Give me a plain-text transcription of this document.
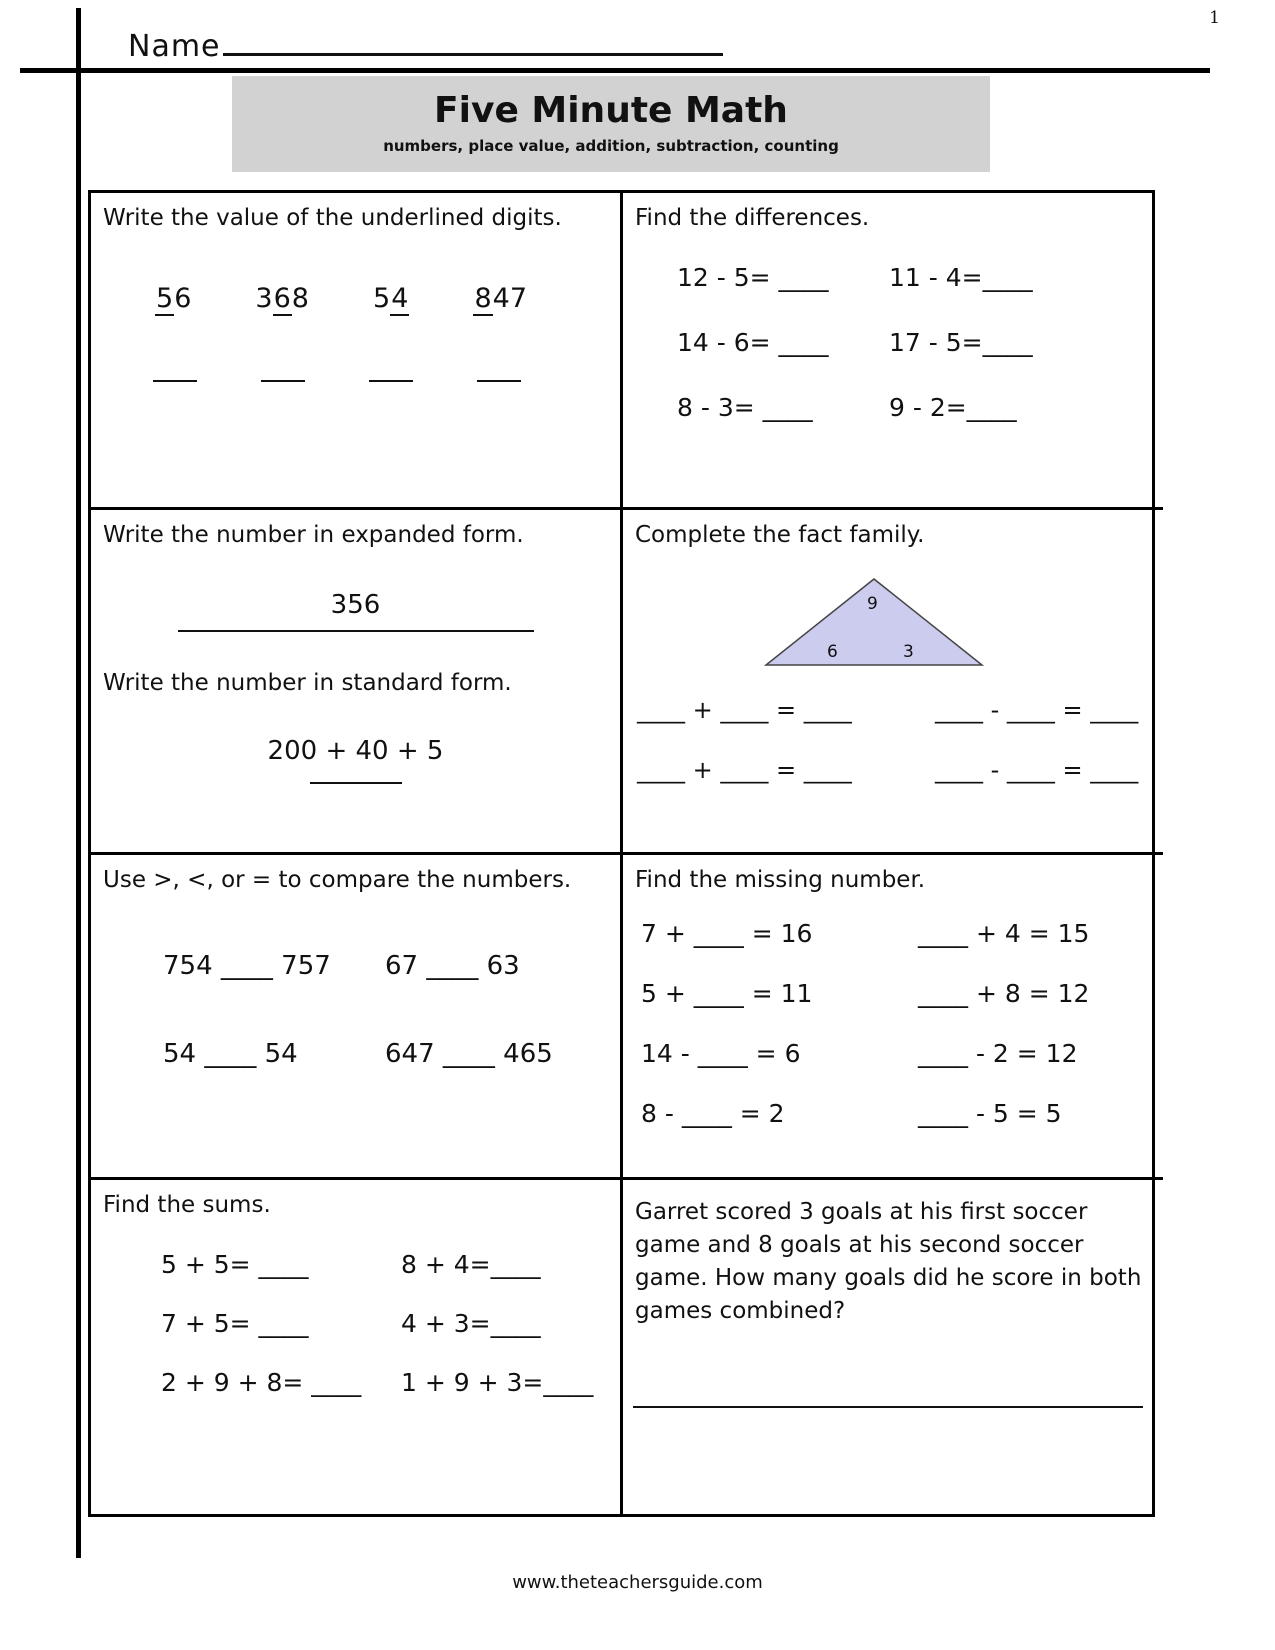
Name
1
Five Minute Math
numbers, place value, addition, subtraction, counting
Write the value of the underlined digits.
56 368 54 847
Find the differences.
12 - 5= ____	11 - 4=____
14 - 6= ____	17 - 5=____
8 - 3= ____	9 - 2=____
Write the number in expanded form.
356
Write the number in standard form.
200 + 40 + 5
Complete the fact family.
9
6	3
____ + ____ = ____	____ - ____ = ____
____ + ____ = ____	____ - ____ = ____
Use >, <, or = to compare the numbers.
754 ____ 757	67 ____ 63
54 ____ 54	647 ____ 465
Find the missing number.
7 + ____ = 16	____ + 4 = 15
5 + ____ = 11	____ + 8 = 12
14 - ____ = 6	____ - 2 = 12
8 - ____ = 2	____ - 5 = 5
Find the sums.
5 + 5= ____	8 + 4=____
7 + 5= ____	4 + 3=____
2 + 9 + 8= ____	1 + 9 + 3=____
Garret scored 3 goals at his first soccer game and 8 goals at his second soccer game. How many goals did he score in both games combined?
www.theteachersguide.com
